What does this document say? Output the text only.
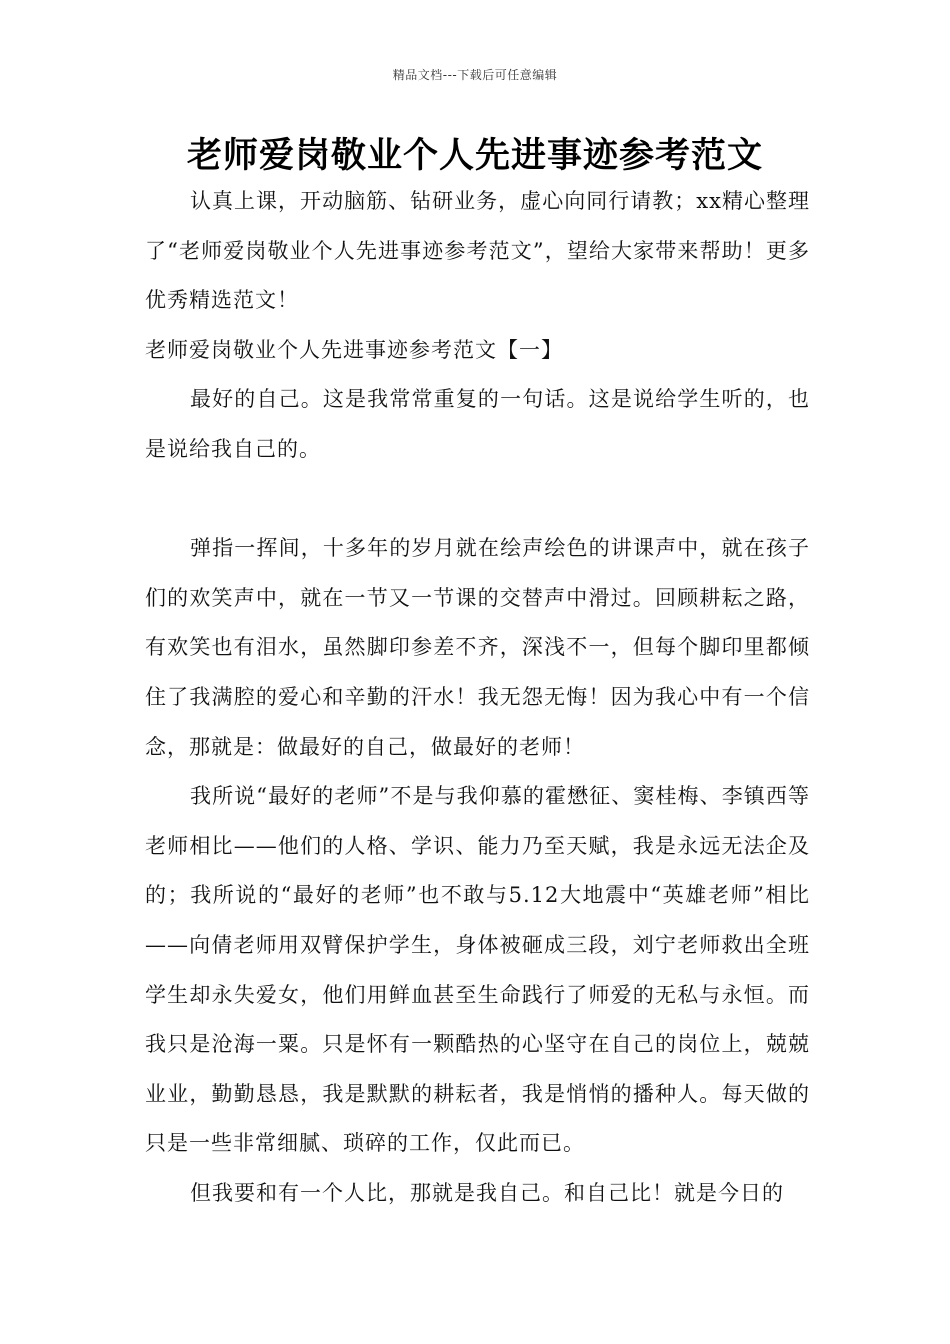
精品文档---下载后可任意编辑
老师爱岗敬业个人先进事迹参考范文

认真上课，开动脑筋、钻研业务，虚心向同行请教；xx精心整理了“老师爱岗敬业个人先进事迹参考范文”，望给大家带来帮助！更多优秀精选范文！

老师爱岗敬业个人先进事迹参考范文【一】

最好的自己。这是我常常重复的一句话。这是说给学生听的，也是说给我自己的。

弹指一挥间，十多年的岁月就在绘声绘色的讲课声中，就在孩子们的欢笑声中，就在一节又一节课的交替声中滑过。回顾耕耘之路，有欢笑也有泪水，虽然脚印参差不齐，深浅不一，但每个脚印里都倾住了我满腔的爱心和辛勤的汗水！我无怨无悔！因为我心中有一个信念，那就是：做最好的自己，做最好的老师！

我所说“最好的老师”不是与我仰慕的霍懋征、窦桂梅、李镇西等老师相比——他们的人格、学识、能力乃至天赋，我是永远无法企及的；我所说的“最好的老师”也不敢与5.12大地震中“英雄老师”相比——向倩老师用双臂保护学生，身体被砸成三段，刘宁老师救出全班学生却永失爱女，他们用鲜血甚至生命践行了师爱的无私与永恒。而我只是沧海一粟。只是怀有一颗酷热的心坚守在自己的岗位上，兢兢业业，勤勤恳恳，我是默默的耕耘者，我是悄悄的播种人。每天做的只是一些非常细腻、琐碎的工作，仅此而已。

但我要和有一个人比，那就是我自己。和自己比！就是今日的
